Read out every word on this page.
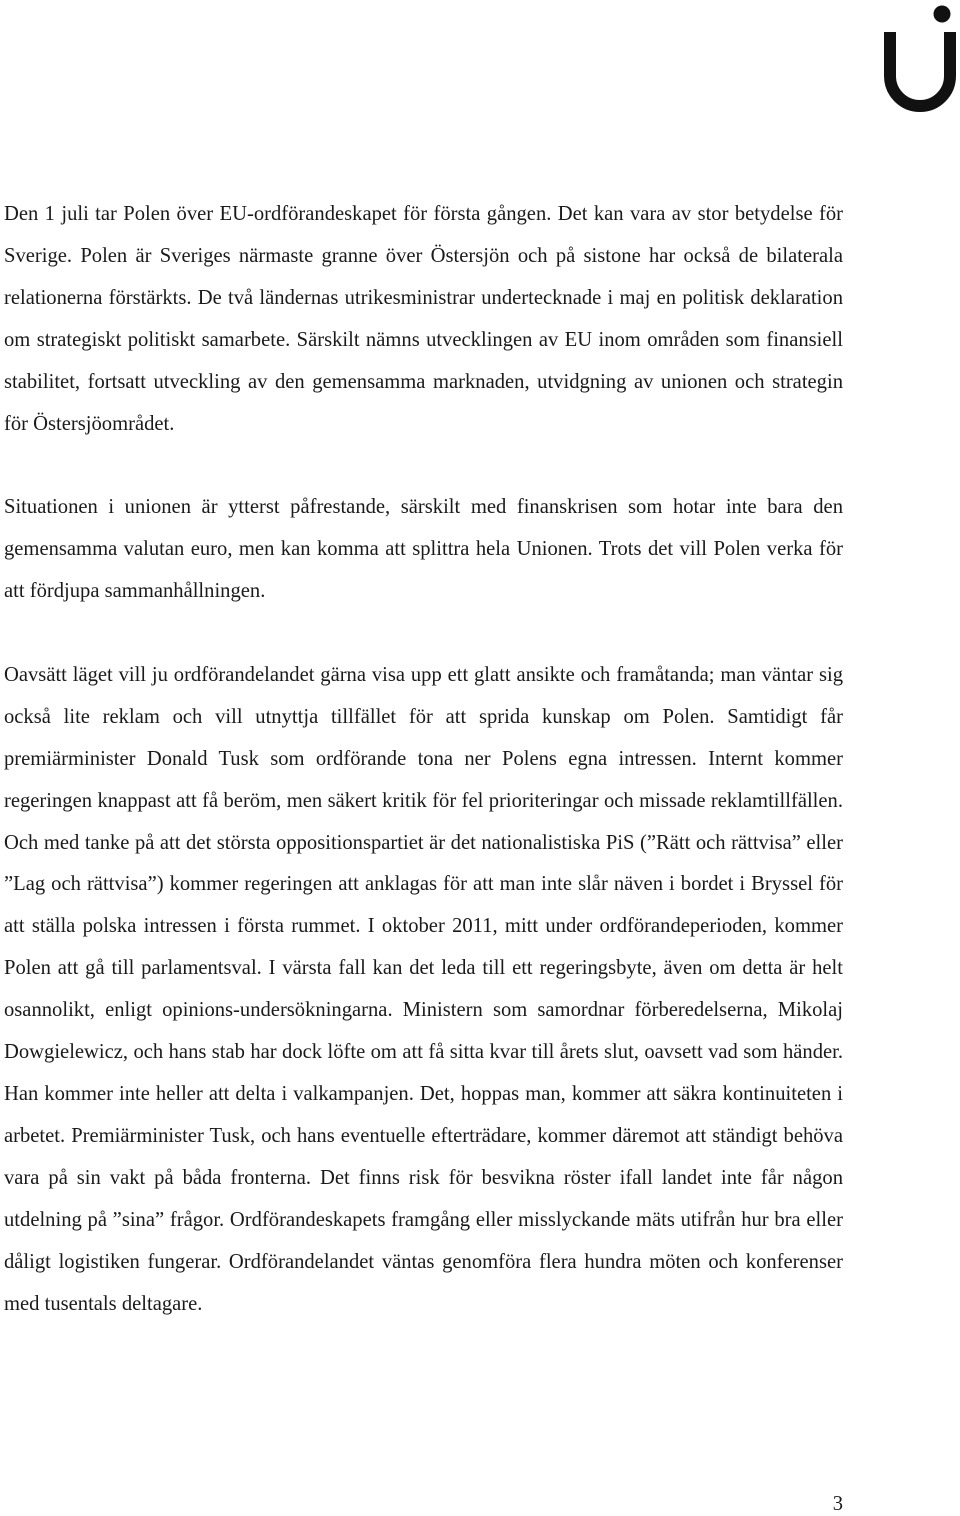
Den 1 juli tar Polen över EU-ordförandeskapet för första gången. Det kan vara av stor betydelse för Sverige. Polen är Sveriges närmaste granne över Östersjön och på sistone har också de bilaterala relationerna förstärkts. De två ländernas utrikesministrar undertecknade i maj en politisk deklaration om strategiskt politiskt samarbete. Särskilt nämns utvecklingen av EU inom områden som finansiell stabilitet, fortsatt utveckling av den gemensamma marknaden, utvidgning av unionen och strategin för Östersjöområdet.

Situationen i unionen är ytterst påfrestande, särskilt med finanskrisen som hotar inte bara den gemensamma valutan euro, men kan komma att splittra hela Unionen. Trots det vill Polen verka för att fördjupa sammanhållningen.

Oavsätt läget vill ju ordförandelandet gärna visa upp ett glatt ansikte och framåtanda; man väntar sig också lite reklam och vill utnyttja tillfället för att sprida kunskap om Polen. Samtidigt får premiärminister Donald Tusk som ordförande tona ner Polens egna intressen. Internt kommer regeringen knappast att få beröm, men säkert kritik för fel prioriteringar och missade reklamtillfällen. Och med tanke på att det största oppositionspartiet är det nationalistiska PiS (”Rätt och rättvisa” eller ”Lag och rättvisa”) kommer regeringen att anklagas för att man inte slår näven i bordet i Bryssel för att ställa polska intressen i första rummet. I oktober 2011, mitt under ordförandeperioden, kommer Polen att gå till parlamentsval. I värsta fall kan det leda till ett regeringsbyte, även om detta är helt osannolikt, enligt opinions-undersökningarna. Ministern som samordnar förberedelserna, Mikolaj Dowgielewicz, och hans stab har dock löfte om att få sitta kvar till årets slut, oavsett vad som händer. Han kommer inte heller att delta i valkampanjen. Det, hoppas man, kommer att säkra kontinuiteten i arbetet. Premiärminister Tusk, och hans eventuelle efterträdare, kommer däremot att ständigt behöva vara på sin vakt på båda fronterna. Det finns risk för besvikna röster ifall landet inte får någon utdelning på ”sina” frågor. Ordförandeskapets framgång eller misslyckande mäts utifrån hur bra eller dåligt logistiken fungerar. Ordförandelandet väntas genomföra flera hundra möten och konferenser med tusentals deltagare.

3
